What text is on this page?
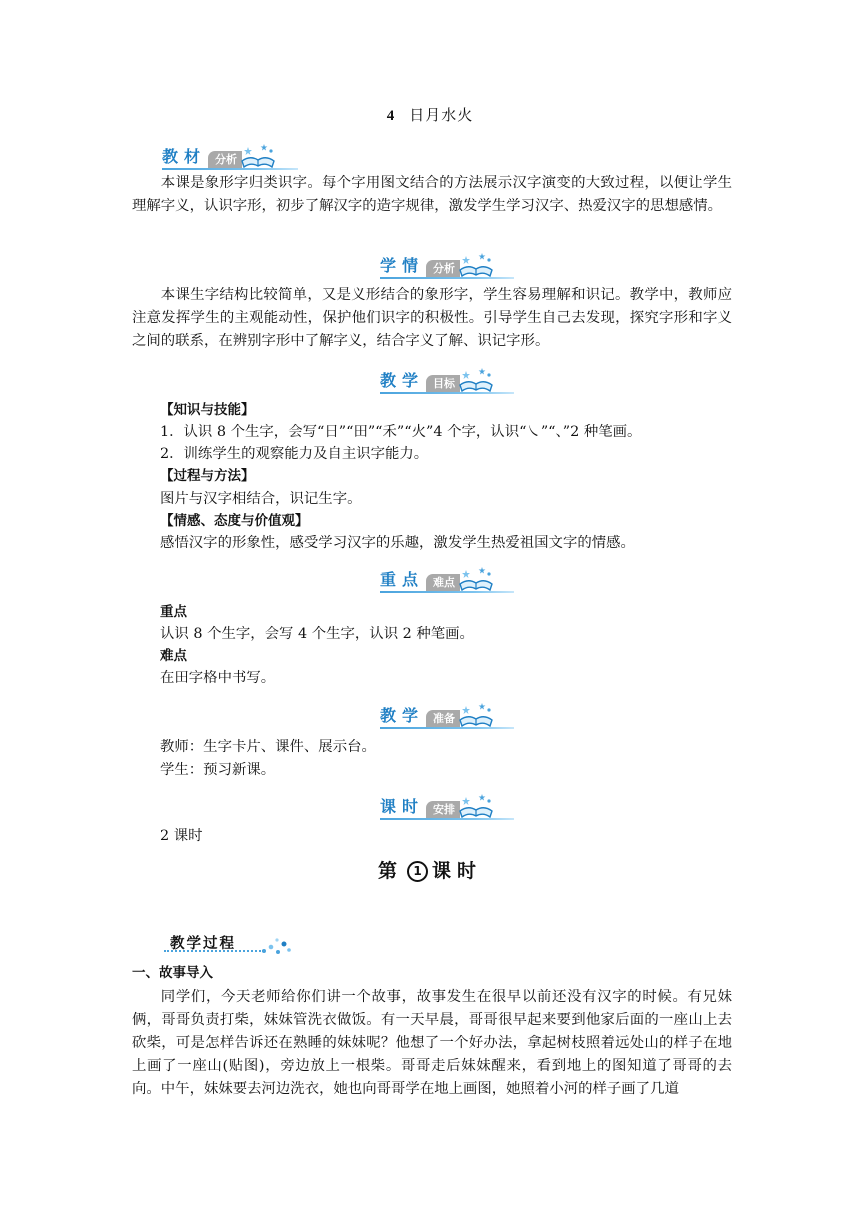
4 日月水火
教材 分析
本课是象形字归类识字。每个字用图文结合的方法展示汉字演变的大致过程，以便让学生理解字义，认识字形，初步了解汉字的造字规律，激发学生学习汉字、热爱汉字的思想感情。
学情 分析
本课生字结构比较简单，又是义形结合的象形字，学生容易理解和识记。教学中，教师应注意发挥学生的主观能动性，保护他们识字的积极性。引导学生自己去发现，探究字形和字义之间的联系，在辨别字形中了解字义，结合字义了解、识记字形。
教学 目标
【知识与技能】
1．认识 8 个生字，会写“日”“田”“禾”“火”4 个字，认识“㇏”“、”2 种笔画。
2．训练学生的观察能力及自主识字能力。
【过程与方法】
图片与汉字相结合，识记生字。
【情感、态度与价值观】
感悟汉字的形象性，感受学习汉字的乐趣，激发学生热爱祖国文字的情感。
重点 难点
重点
认识 8 个生字，会写 4 个生字，认识 2 种笔画。
难点
在田字格中书写。
教学 准备
教师：生字卡片、课件、展示台。
学生：预习新课。
课时 安排
2 课时
第 1 课时
教学过程
一、故事导入
同学们，今天老师给你们讲一个故事，故事发生在很早以前还没有汉字的时候。有兄妹俩，哥哥负责打柴，妹妹管洗衣做饭。有一天早晨，哥哥很早起来要到他家后面的一座山上去砍柴，可是怎样告诉还在熟睡的妹妹呢？他想了一个好办法，拿起树枝照着远处山的样子在地上画了一座山(贴图)，旁边放上一根柴。哥哥走后妹妹醒来，看到地上的图知道了哥哥的去向。中午，妹妹要去河边洗衣，她也向哥哥学在地上画图，她照着小河的样子画了几道
